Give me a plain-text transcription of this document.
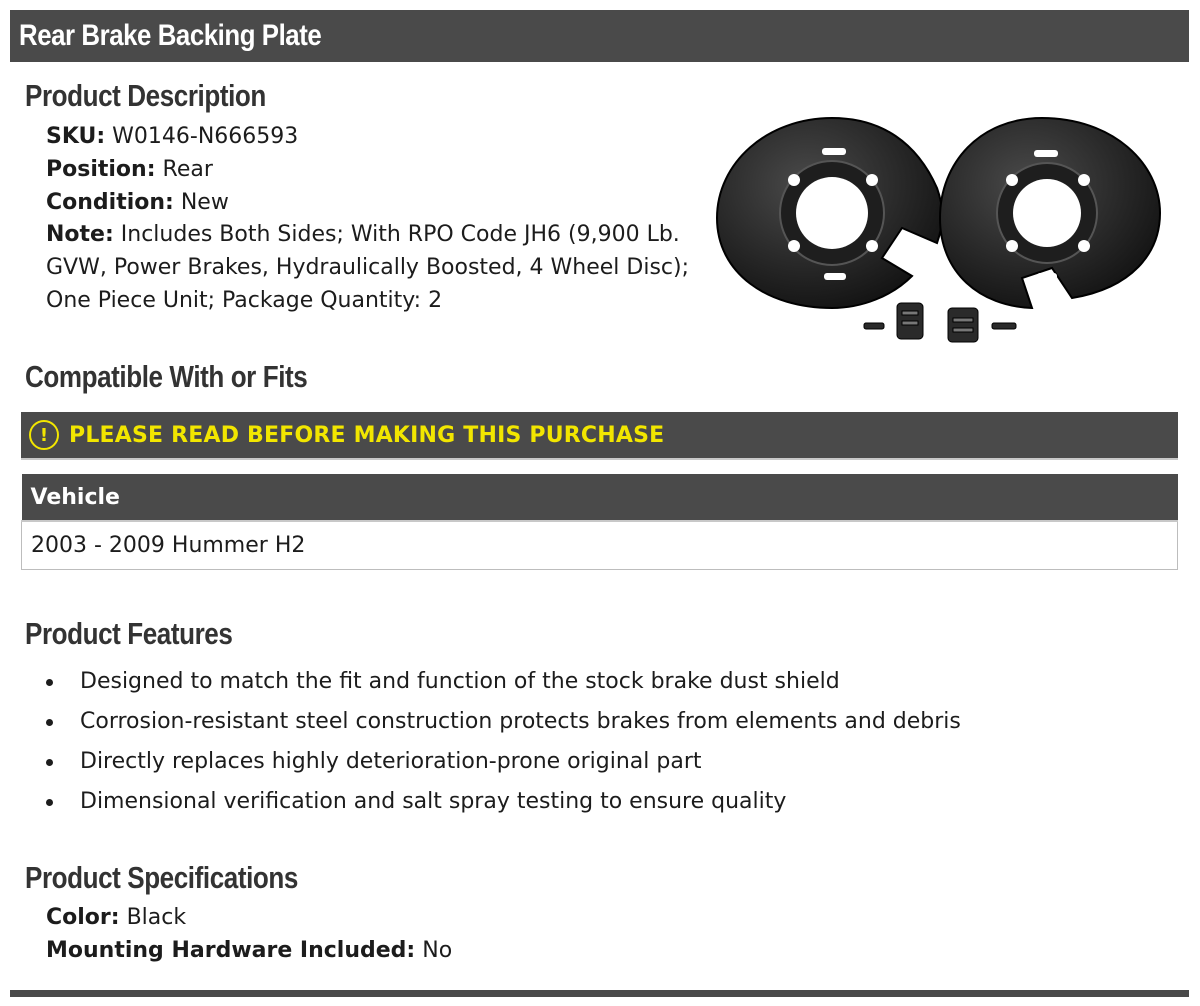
Rear Brake Backing Plate
Product Description
SKU: W0146-N666593
Position: Rear
Condition: New
Note: Includes Both Sides; With RPO Code JH6 (9,900 Lb. GVW, Power Brakes, Hydraulically Boosted, 4 Wheel Disc); One Piece Unit; Package Quantity: 2
Compatible With or Fits
! PLEASE READ BEFORE MAKING THIS PURCHASE
Vehicle
2003 - 2009 Hummer H2
Product Features
Designed to match the fit and function of the stock brake dust shield
Corrosion-resistant steel construction protects brakes from elements and debris
Directly replaces highly deterioration-prone original part
Dimensional verification and salt spray testing to ensure quality
Product Specifications
Color: Black
Mounting Hardware Included: No
